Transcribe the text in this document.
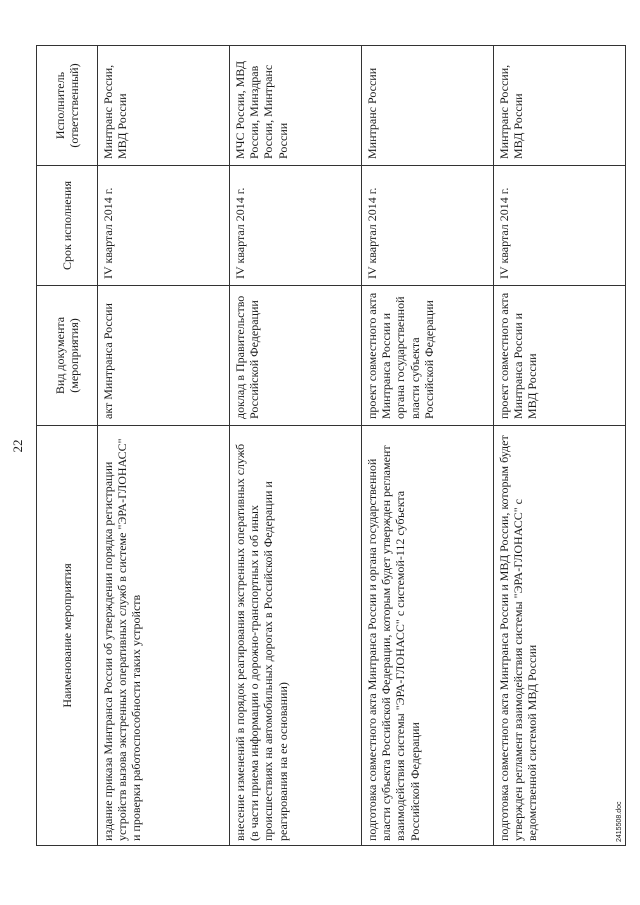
22
Наименование мероприятия	Вид документа (мероприятия)	Срок исполнения	Исполнитель (ответственный)
издание приказа Минтранса России об утверждении порядка регистрации устройств вызова экстренных оперативных служб в системе "ЭРА-ГЛОНАСС" и проверки работоспособности таких устройств	акт Минтранса России	IV квартал 2014 г.	Минтранс России, МВД России
внесение изменений в порядок реагирования экстренных оперативных служб (в части приема информации о дорожно-транспортных и об иных происшествиях на автомобильных дорогах в Российской Федерации и реагирования на ее основании)	доклад в Правительство Российской Федерации	IV квартал 2014 г.	МЧС России, МВД России, Минздрав России, Минтранс России
подготовка совместного акта Минтранса России и органа государственной власти субъекта Российской Федерации, которым будет утвержден регламент взаимодействия системы "ЭРА-ГЛОНАСС" с системой-112 субъекта Российской Федерации	проект совместного акта Минтранса России и органа государственной власти субъекта Российской Федерации	IV квартал 2014 г.	Минтранс России
подготовка совместного акта Минтранса России и МВД России, которым будет утвержден регламент взаимодействия системы "ЭРА-ГЛОНАСС" с ведомственной системой МВД России	проект совместного акта Минтранса России и МВД России	IV квартал 2014 г.	Минтранс России, МВД России
2415508.doc
